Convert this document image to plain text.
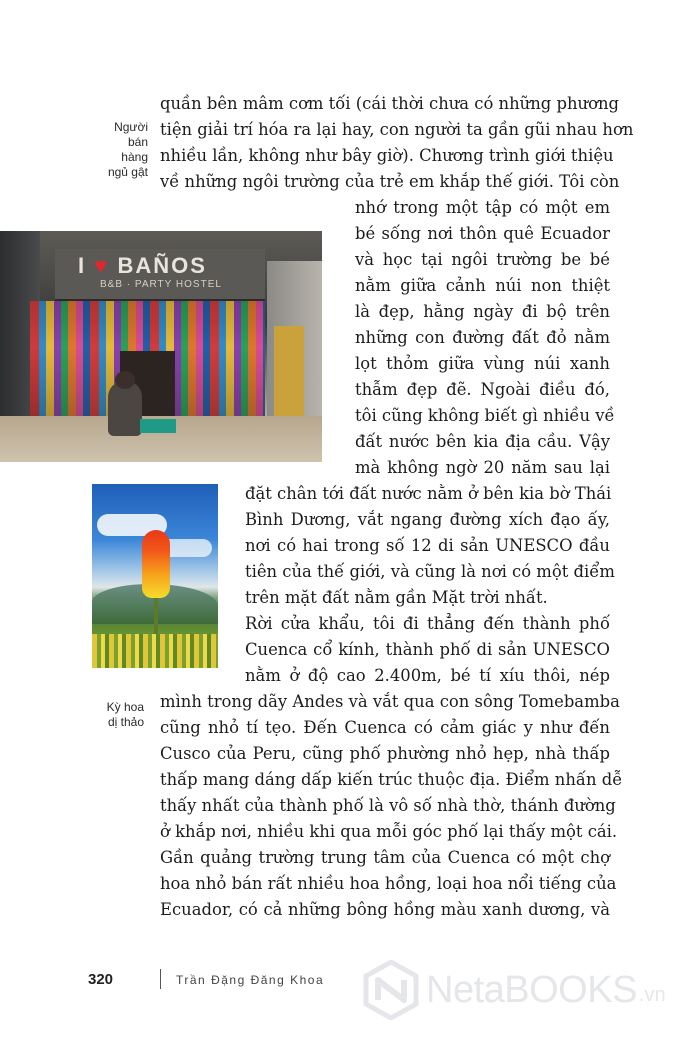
Người
bán
hàng
ngủ gật
Kỳ hoa
dị thảo
I ♥ BAÑOS
B&B · PARTY HOSTEL
quần bên mâm cơm tối (cái thời chưa có những phương
tiện giải trí hóa ra lại hay, con người ta gần gũi nhau hơn
nhiều lần, không như bây giờ). Chương trình giới thiệu
về những ngôi trường của trẻ em khắp thế giới. Tôi còn
nhớ trong một tập có một em
bé sống nơi thôn quê Ecuador
và học tại ngôi trường be bé
nằm giữa cảnh núi non thiệt
là đẹp, hằng ngày đi bộ trên
những con đường đất đỏ nằm
lọt thỏm giữa vùng núi xanh
thẫm đẹp đẽ. Ngoài điều đó,
tôi cũng không biết gì nhiều về
đất nước bên kia địa cầu. Vậy
mà không ngờ 20 năm sau lại
đặt chân tới đất nước nằm ở bên kia bờ Thái
Bình Dương, vắt ngang đường xích đạo ấy,
nơi có hai trong số 12 di sản UNESCO đầu
tiên của thế giới, và cũng là nơi có một điểm
trên mặt đất nằm gần Mặt trời nhất.
Rời cửa khẩu, tôi đi thẳng đến thành phố
Cuenca cổ kính, thành phố di sản UNESCO
nằm ở độ cao 2.400m, bé tí xíu thôi, nép
mình trong dãy Andes và vắt qua con sông Tomebamba
cũng nhỏ tí tẹo. Đến Cuenca có cảm giác y như đến
Cusco của Peru, cũng phố phường nhỏ hẹp, nhà thấp
thấp mang dáng dấp kiến trúc thuộc địa. Điểm nhấn dễ
thấy nhất của thành phố là vô số nhà thờ, thánh đường
ở khắp nơi, nhiều khi qua mỗi góc phố lại thấy một cái.
Gần quảng trường trung tâm của Cuenca có một chợ
hoa nhỏ bán rất nhiều hoa hồng, loại hoa nổi tiếng của
Ecuador, có cả những bông hồng màu xanh dương, và
320	Trần Đặng Đăng Khoa	NetaBOOKS .vn
